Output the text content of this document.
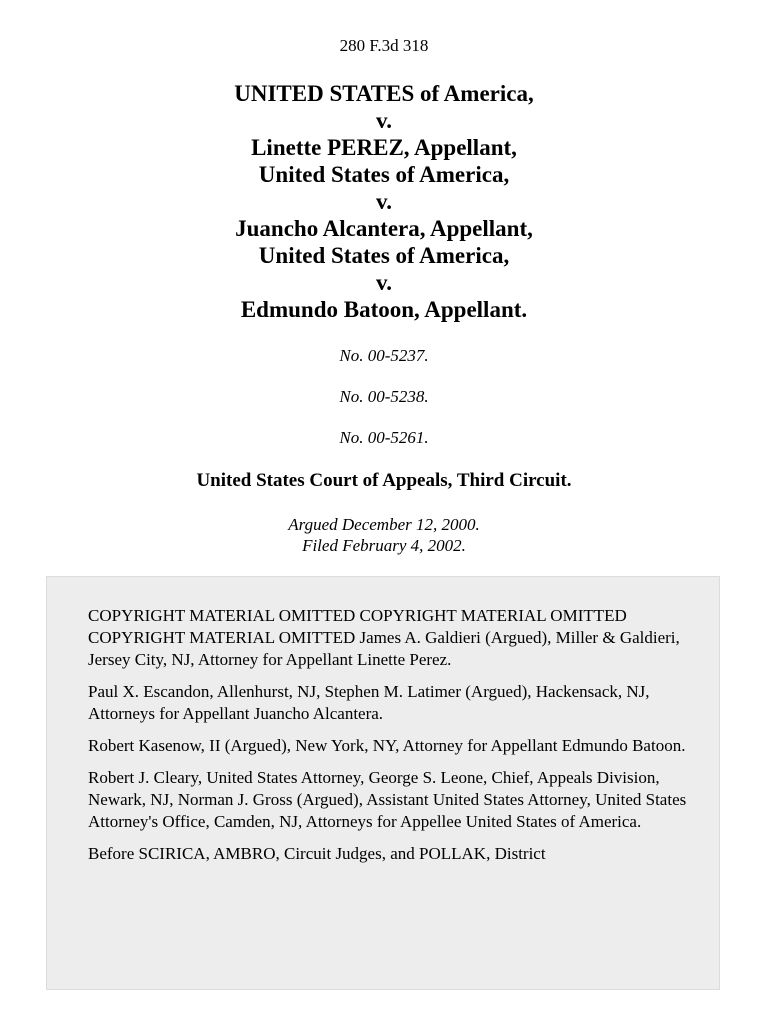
280 F.3d 318
UNITED STATES of America,
v.
Linette PEREZ, Appellant,
United States of America,
v.
Juancho Alcantera, Appellant,
United States of America,
v.
Edmundo Batoon, Appellant.
No. 00-5237.
No. 00-5238.
No. 00-5261.
United States Court of Appeals, Third Circuit.
Argued December 12, 2000.
Filed February 4, 2002.

COPYRIGHT MATERIAL OMITTED COPYRIGHT MATERIAL OMITTED COPYRIGHT MATERIAL OMITTED James A. Galdieri (Argued), Miller & Galdieri, Jersey City, NJ, Attorney for Appellant Linette Perez.

Paul X. Escandon, Allenhurst, NJ, Stephen M. Latimer (Argued), Hackensack, NJ, Attorneys for Appellant Juancho Alcantera.

Robert Kasenow, II (Argued), New York, NY, Attorney for Appellant Edmundo Batoon.

Robert J. Cleary, United States Attorney, George S. Leone, Chief, Appeals Division, Newark, NJ, Norman J. Gross (Argued), Assistant United States Attorney, United States Attorney's Office, Camden, NJ, Attorneys for Appellee United States of America.

Before SCIRICA, AMBRO, Circuit Judges, and POLLAK, District
